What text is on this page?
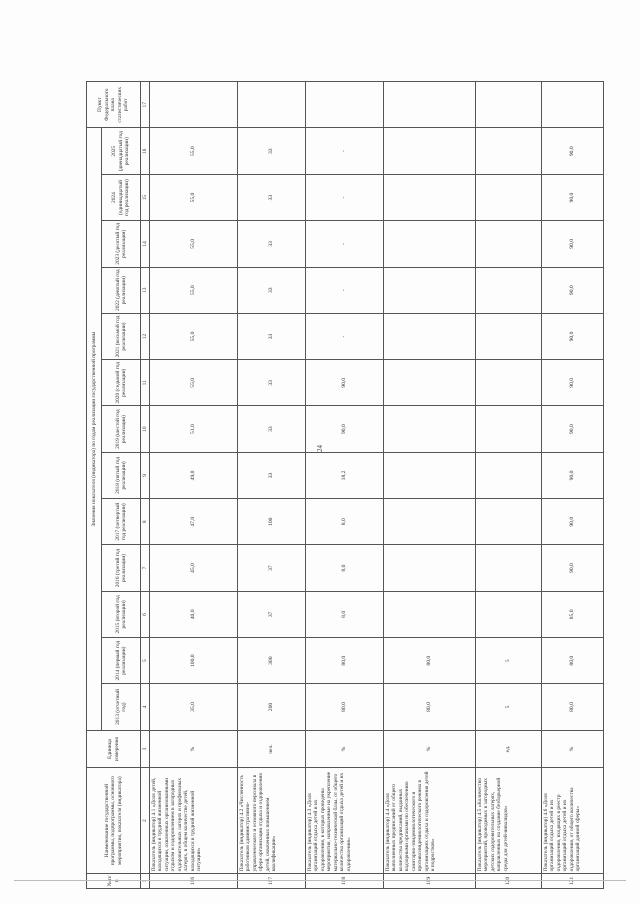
24
№ п/п	Наименование государственной программы, подпрограммы, основного мероприятия, показателя (индикатора)	Единица измерения	Значения показателя (индикатора) по годам реализации государственной программы													Пункт Федерального плана статистических работ
			2013 (отчетный год)	2014 (первый год реализации)	2015 (второй год реализации)	2016 (третий год реализации)	2017 (четвертый год реализации)	2018 (пятый год реализации)	2019 (шестой год реализации)	2020 (седьмой год реализации)	2021 (восьмой год реализации)	2022 (девятый год реализации)	2023 (десятый год реализации)	2024 (одиннадцатый год реализации)	2025 (двенадцатый год реализации)	
1	2	3	4	5	6	7	8	9	10	11	12	13	14	15	16	17
116	Показатель (индикатор) 4.1 «Доля детей, находящихся в трудной жизненной ситуации, охваченных организованными отдыхом и оздоровлением в загородных оздоровительных лагерях и профильных лагерях, в общем количестве детей, находящихся в трудной жизненной ситуации»	%	35,0	100,0	40,0	45,0	47,0	49,0	51,0	55,0	55,0	55,0	55,0	55,0	55,0	
117	Показатель (индикатор) 4.2 «Численность работников административно-управленческого и основного персонала в сфере организации отдыха и оздоровления детей, охваченных повышением квалификации»	чел.	200	300	37	37	100	33	33	33	33	33	33	33	33	
118	Показатель (индикатор) 4.3 «Доля организаций отдыха детей и их оздоровления, в которых проведены мероприятия, направленные на укрепление материально-технической базы, от общего количества организаций отдыха детей и их оздоровления»	%	80,0	80,0	8,0	8,0	8,0	18,2	90,0	90,0	-	-	-	-	-	
119	Показатель (индикатор) 4.4 «Доля выполненных предписаний от общего количества предписаний, выданных надзорными органами по обеспечению санитарно-эпидемиологического и противоэпидемиологического режима в организациях отдыха и оздоровления детей и подростков»	%	80,0	80,0												
120	Показатель (индикатор) 4.5 «Количество мероприятий, проводимых в загородных детских оздоровительных лагерях, направленных на создание безбарьерной среды для детей-инвалидов»	ед.	5	5												
121	Показатель (индикатор) 4.6 «Доля организаций отдыха детей и их оздоровления, входящих в реестр организаций отдыха детей и их оздоровления, от общего количества организаций данной сферы»	%	80,0	80,0	85,0	90,0	90,0	90,0	90,0	90,0	90,0	90,0	90,0	90,0	90,0	
